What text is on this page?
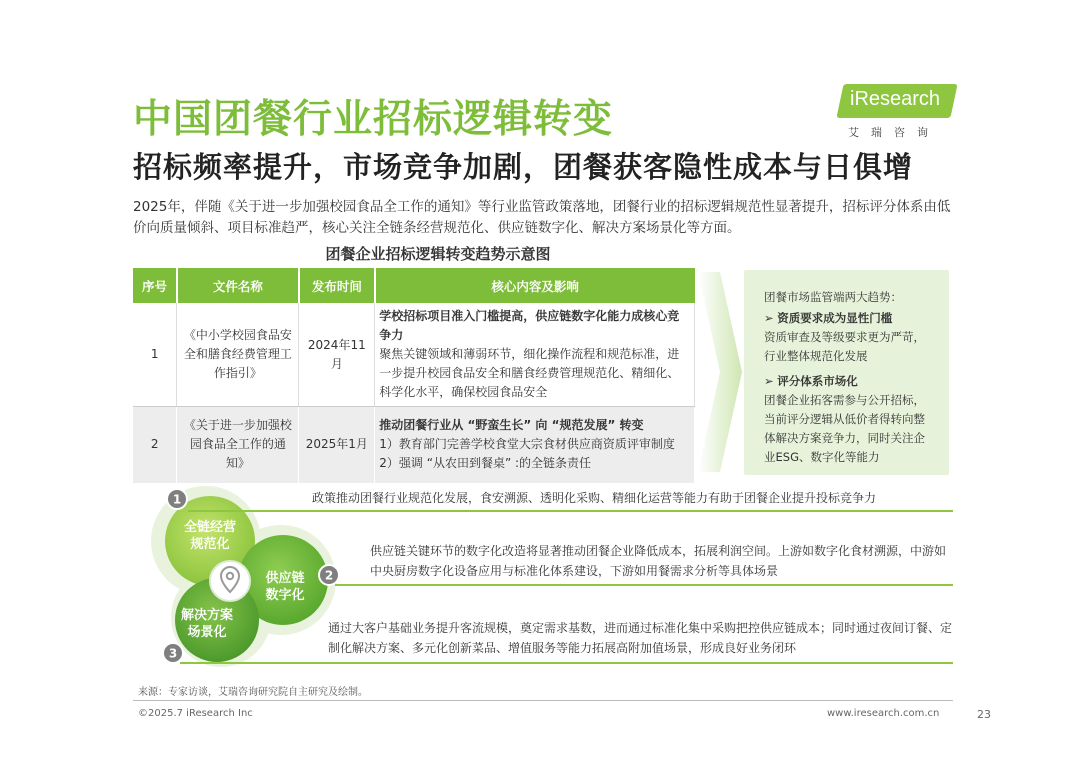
中国团餐行业招标逻辑转变
招标频率提升，市场竞争加剧，团餐获客隐性成本与日俱增
iResearch
艾瑞咨询
2025年，伴随《关于进一步加强校园食品全工作的通知》等行业监管政策落地，团餐行业的招标逻辑规范性显著提升，招标评分体系由低价向质量倾斜、项目标准趋严，核心关注全链条经营规范化、供应链数字化、解决方案场景化等方面。
团餐企业招标逻辑转变趋势示意图
序号	文件名称	发布时间	核心内容及影响
1	《中小学校园食品安全和膳食经费管理工作指引》	2024年11月	学校招标项目准入门槛提高，供应链数字化能力成核心竞争力
聚焦关键领域和薄弱环节，细化操作流程和规范标准，进一步提升校园食品安全和膳食经费管理规范化、精细化、科学化水平，确保校园食品安全

2	《关于进一步加强校园食品全工作的通知》	2025年1月	推动团餐行业从 “野蛮生长” 向 “规范发展” 转变
1）教育部门完善学校食堂大宗食材供应商资质评审制度
2）强调 “从农田到餐桌” :的全链条责任
团餐市场监管端两大趋势：
➢ 资质要求成为显性门槛
资质审查及等级要求更为严苛，行业整体规范化发展
➢ 评分体系市场化
团餐企业拓客需参与公开招标，当前评分逻辑从低价者得转向整体解决方案竞争力，同时关注企业ESG、数字化等能力
全链经营
规范化
供应链
数字化
解决方案
场景化
1
2
3
政策推动团餐行业规范化发展，食安溯源、透明化采购、精细化运营等能力有助于团餐企业提升投标竞争力
供应链关键环节的数字化改造将显著推动团餐企业降低成本，拓展利润空间。上游如数字化食材溯源，中游如中央厨房数字化设备应用与标准化体系建设，下游如用餐需求分析等具体场景
通过大客户基础业务提升客流规模，奠定需求基数，进而通过标准化集中采购把控供应链成本；同时通过夜间订餐、定制化解决方案、多元化创新菜品、增值服务等能力拓展高附加值场景，形成良好业务闭环
来源：专家访谈，艾瑞咨询研究院自主研究及绘制。
©2025.7 iResearch Inc	www.iresearch.com.cn	23
